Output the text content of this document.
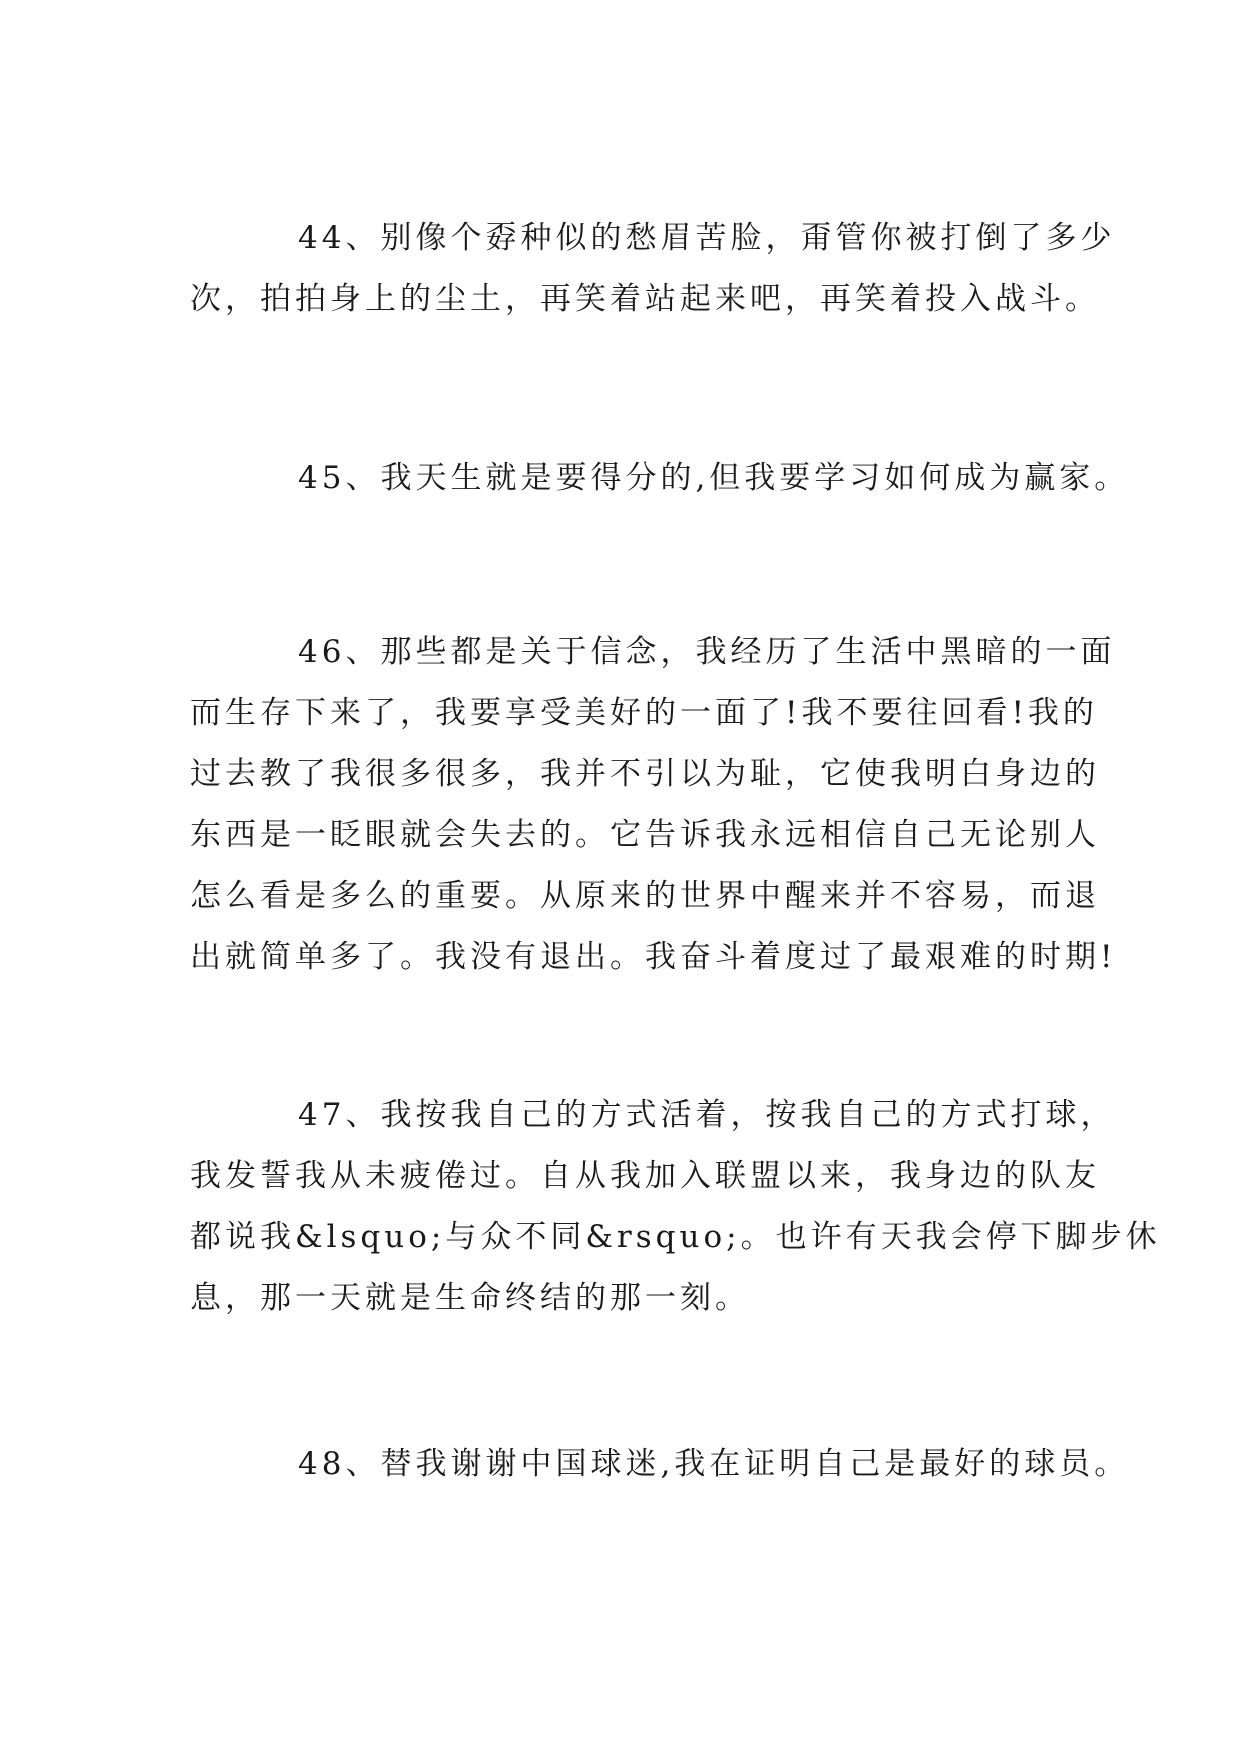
44、别像个孬种似的愁眉苦脸，甭管你被打倒了多少
次，拍拍身上的尘土，再笑着站起来吧，再笑着投入战斗。
45、我天生就是要得分的,但我要学习如何成为赢家。
46、那些都是关于信念，我经历了生活中黑暗的一面
而生存下来了，我要享受美好的一面了!我不要往回看!我的
过去教了我很多很多，我并不引以为耻，它使我明白身边的
东西是一眨眼就会失去的。它告诉我永远相信自己无论别人
怎么看是多么的重要。从原来的世界中醒来并不容易，而退
出就简单多了。我没有退出。我奋斗着度过了最艰难的时期!
47、我按我自己的方式活着，按我自己的方式打球，
我发誓我从未疲倦过。自从我加入联盟以来，我身边的队友
都说我&lsquo;与众不同&rsquo;。也许有天我会停下脚步休
息，那一天就是生命终结的那一刻。
48、替我谢谢中国球迷,我在证明自己是最好的球员。
